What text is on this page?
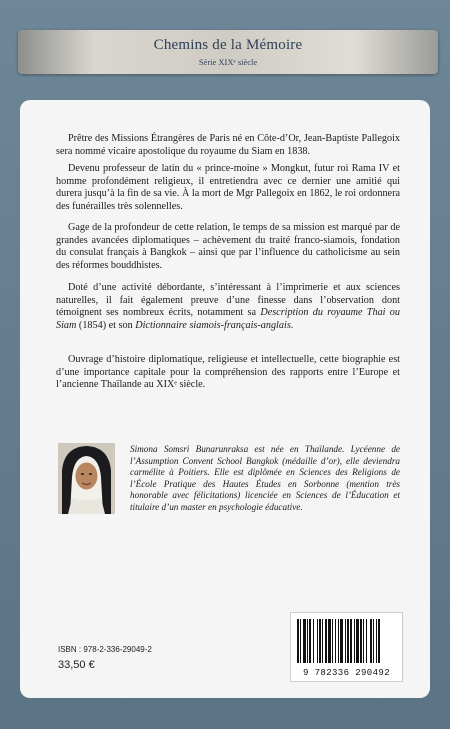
Chemins de la Mémoire
Série XIXᵉ siècle

Prêtre des Missions Étrangères de Paris né en Côte-d’Or, Jean-Baptiste Pallegoix sera nommé vicaire apostolique du royaume du Siam en 1838.

Devenu professeur de latin du « prince-moine » Mongkut, futur roi Rama IV et homme profondément religieux, il entretiendra avec ce dernier une amitié qui durera jusqu’à la fin de sa vie. À la mort de Mgr Pallegoix en 1862, le roi ordonnera des funérailles très solennelles.

Gage de la profondeur de cette relation, le temps de sa mission est marqué par de grandes avancées diplomatiques – achèvement du traité franco-siamois, fondation du consulat français à Bangkok – ainsi que par l’influence du catholicisme au sein des réformes bouddhistes.

Doté d’une activité débordante, s’intéressant à l’imprimerie et aux sciences naturelles, il fait également preuve d’une finesse dans l’observation dont témoignent ses nombreux écrits, notamment sa Description du royaume Thai ou Siam (1854) et son Dictionnaire siamois-français-anglais.

Ouvrage d’histoire diplomatique, religieuse et intellectuelle, cette biographie est d’une importance capitale pour la compréhension des rapports entre l’Europe et l’ancienne Thaïlande au XIXᵉ siècle.

Simona Somsri Bunarunraksa est née en Thaïlande. Lycéenne de l’Assumption Convent School Bangkok (médaille d’or), elle deviendra carmélite à Poitiers. Elle est diplômée en Sciences des Religions de l’École Pratique des Hautes Études en Sorbonne (mention très honorable avec félicitations) licenciée en Sciences de l’Éducation et titulaire d’un master en psychologie éducative.
ISBN : 978-2-336-29049-2
33,50 €
9 782336 290492
